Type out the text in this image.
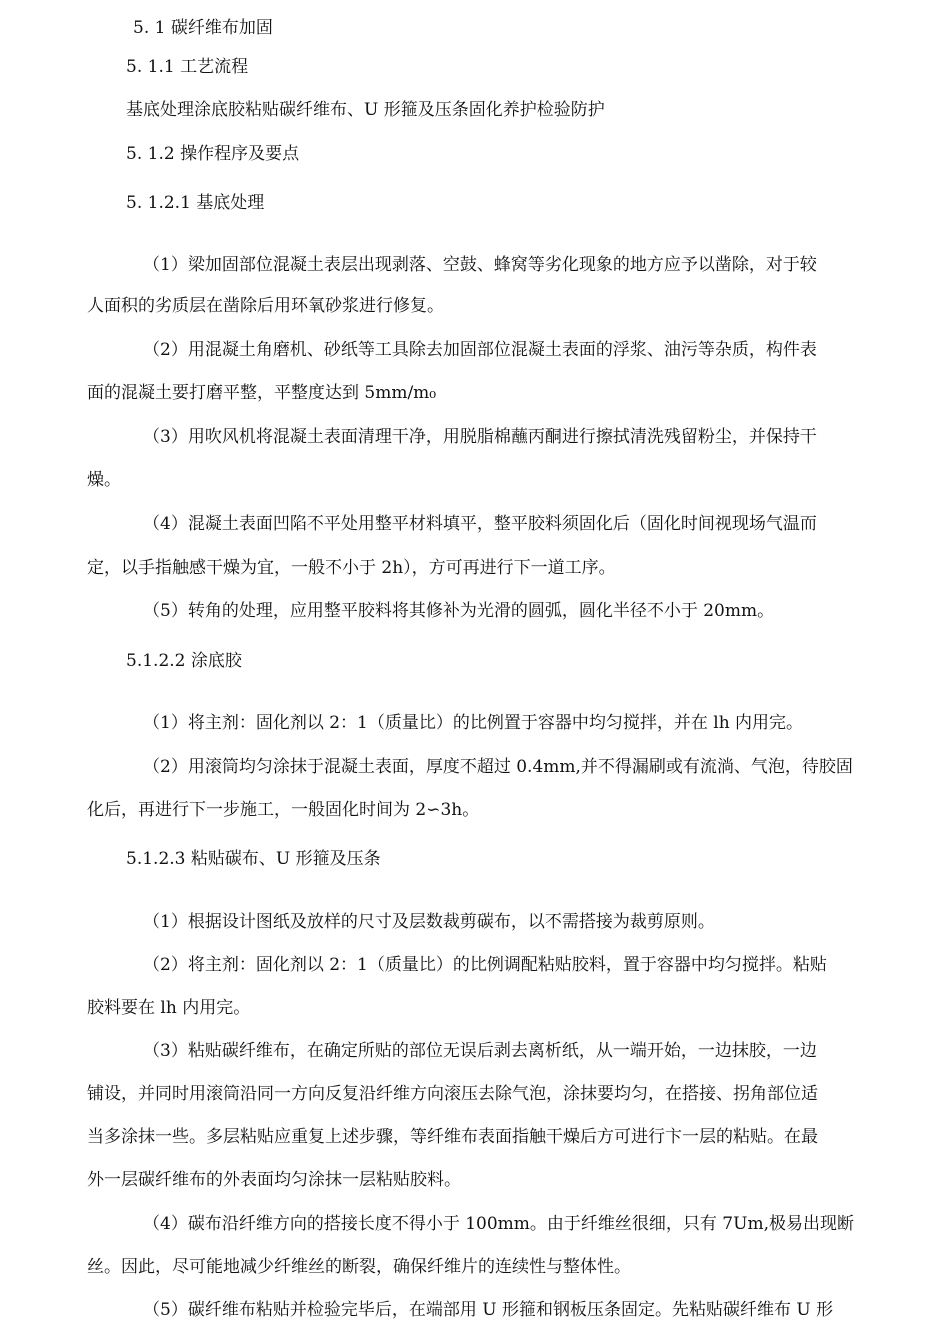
5. 1 碳纤维布加固

5. 1.1 工艺流程

基底处理涂底胶粘贴碳纤维布、U 形箍及压条固化养护检验防护

5. 1.2 操作程序及要点

5. 1.2.1 基底处理

（1）梁加固部位混凝土表层出现剥落、空鼓、蜂窝等劣化现象的地方应予以凿除，对于较

人面积的劣质层在凿除后用环氧砂浆进行修复。

（2）用混凝土角磨机、砂纸等工具除去加固部位混凝土表面的浮浆、油污等杂质，构件表

面的混凝土要打磨平整，平整度达到 5mm/m₀

（3）用吹风机将混凝土表面清理干净，用脱脂棉蘸丙酮进行擦拭清洗残留粉尘，并保持干

燥。

（4）混凝土表面凹陷不平处用整平材料填平，整平胶料须固化后（固化时间视现场气温而

定，以手指触感干燥为宜，一般不小于 2h），方可再进行下一道工序。

（5）转角的处理，应用整平胶料将其修补为光滑的圆弧，圆化半径不小于 20mm。

5.1.2.2 涂底胶

（1）将主剂：固化剂以 2：1（质量比）的比例置于容器中均匀搅拌，并在 lh 内用完。

（2）用滚筒均匀涂抹于混凝土表面，厚度不超过 0.4mm,并不得漏刷或有流淌、气泡，待胶固

化后，再进行下一步施工，一般固化时间为 2∽3h。

5.1.2.3 粘贴碳布、U 形箍及压条

（1）根据设计图纸及放样的尺寸及层数裁剪碳布，以不需搭接为裁剪原则。

（2）将主剂：固化剂以 2：1（质量比）的比例调配粘贴胶料，置于容器中均匀搅拌。粘贴

胶料要在 lh 内用完。

（3）粘贴碳纤维布，在确定所贴的部位无误后剥去离析纸，从一端开始，一边抹胶，一边

铺设，并同时用滚筒沿同一方向反复沿纤维方向滚压去除气泡，涂抹要均匀，在搭接、拐角部位适

当多涂抹一些。多层粘贴应重复上述步骤，等纤维布表面指触干燥后方可进行卞一层的粘贴。在最

外一层碳纤维布的外表面均匀涂抹一层粘贴胶料。

（4）碳布沿纤维方向的搭接长度不得小于 100mm。由于纤维丝很细，只有 7Um,极易出现断

丝。因此，尽可能地减少纤维丝的断裂，确保纤维片的连续性与整体性。

（5）碳纤维布粘贴并检验完毕后，在端部用 U 形箍和钢板压条固定。先粘贴碳纤维布 U 形
